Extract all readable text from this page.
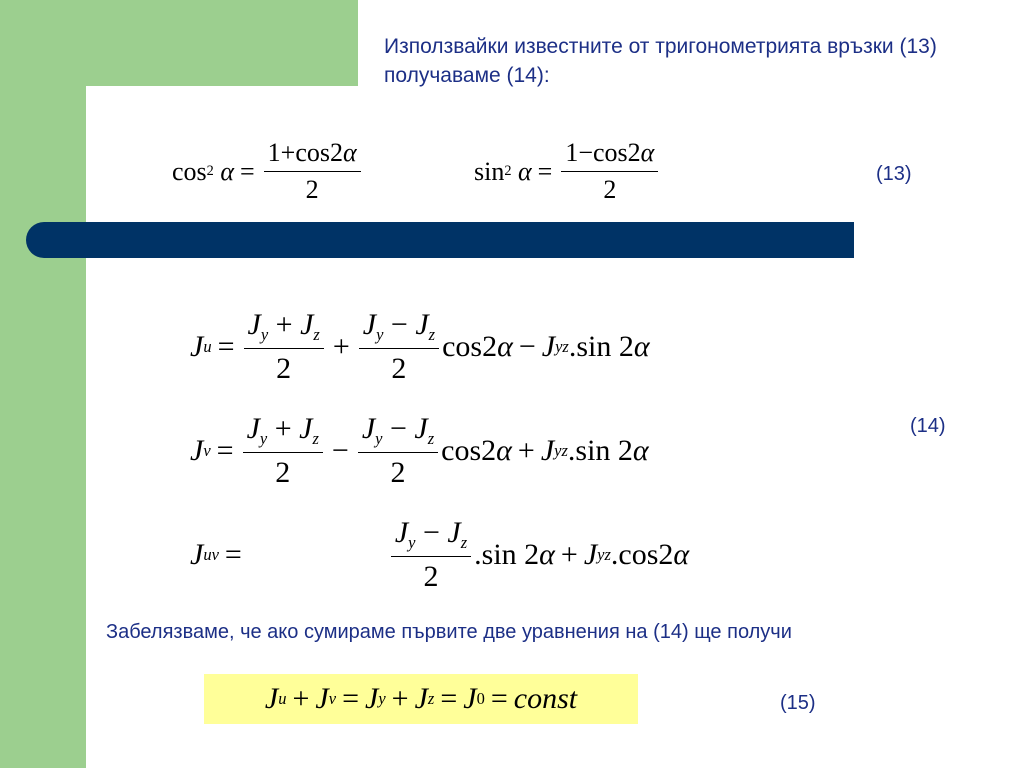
Използвайки известните от тригонометрията връзки (13) получаваме (14):
cos 2
$\alpha = \frac{1+\cos 2\alpha}{2}$	sin 2
$\alpha = \frac{1-\cos 2\alpha}{2}$	(13)
J $u = \frac{J_y + J_z}{2} + \frac{J_y - J_z}{2} \cos 2$ α − J yz .sin 2 α
J $v = \frac{J_y + J_z}{2} - \frac{J_y - J_z}{2} \cos 2$ α + J yz .sin 2 α
J uv =	$\frac{J_y - J_z}{2} .\sin$ 2 α + J yz .cos2 α
(14)
Забелязваме, че ако сумираме първите две уравнения на (14) ще получи
J u + J v = J y + J z = J 0 = const	(15)
